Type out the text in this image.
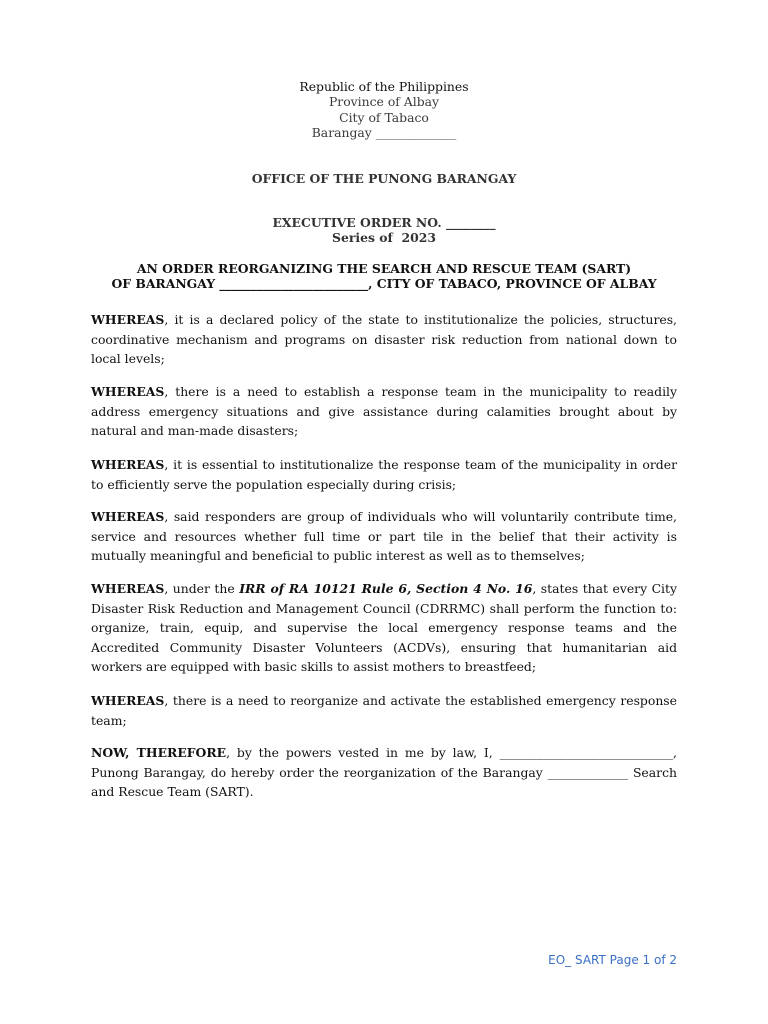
Republic of the Philippines
Province of Albay
City of Tabaco
Barangay _____________
OFFICE OF THE PUNONG BARANGAY
EXECUTIVE ORDER NO. ________
Series of  2023
AN ORDER REORGANIZING THE SEARCH AND RESCUE TEAM (SART)
OF BARANGAY ________________________, CITY OF TABACO, PROVINCE OF ALBAY
WHEREAS, it is a declared policy of the state to institutionalize the policies, structures, coordinative mechanism and programs on disaster risk reduction from national down to local levels;
WHEREAS, there is a need to establish a response team in the municipality to readily address emergency situations and give assistance during calamities brought about by natural and man-made disasters;
WHEREAS, it is essential to institutionalize the response team of the municipality in order to efficiently serve the population especially during crisis;
WHEREAS, said responders are group of individuals who will voluntarily contribute time, service and resources whether full time or part tile in the belief that their activity is mutually meaningful and beneficial to public interest as well as to themselves;
WHEREAS, under the IRR of RA 10121 Rule 6, Section 4 No. 16, states that every City Disaster Risk Reduction and Management Council (CDRRMC) shall perform the function to: organize, train, equip, and supervise the local emergency response teams and the Accredited Community Disaster Volunteers (ACDVs), ensuring that humanitarian aid workers are equipped with basic skills to assist mothers to breastfeed;
WHEREAS, there is a need to reorganize and activate the established emergency response team;
NOW, THEREFORE, by the powers vested in me by law, I, ____________________________, Punong Barangay, do hereby order the reorganization of the Barangay _____________ Search and Rescue Team (SART).
EO_ SART Page 1 of 2
